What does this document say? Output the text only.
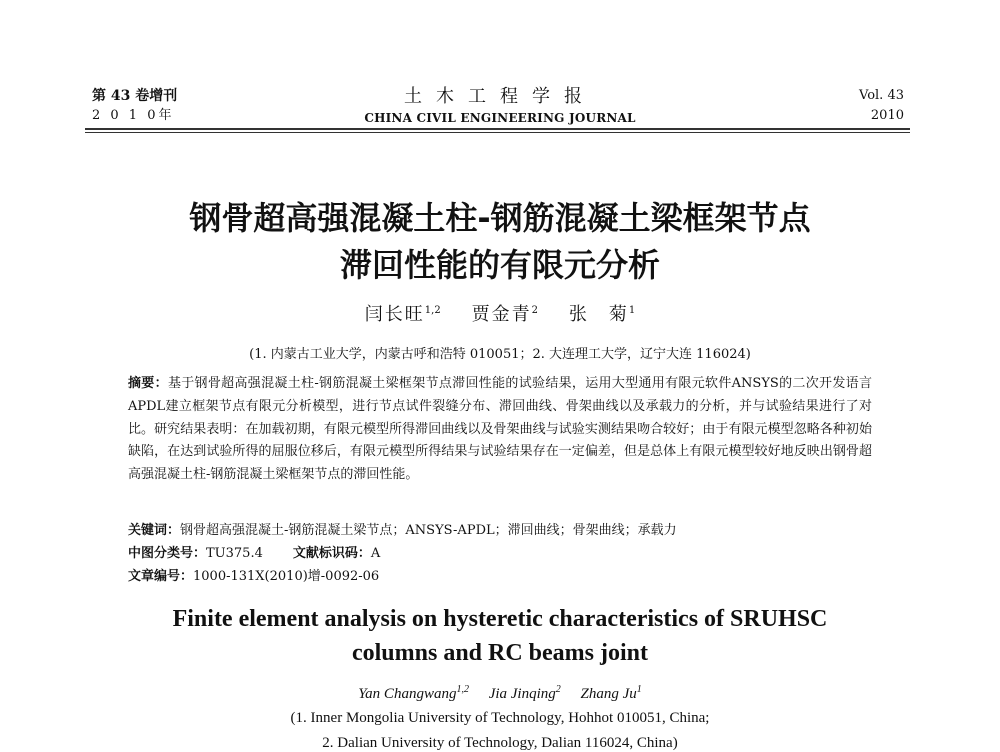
第 43 卷增刊
2 0 1 0年
土木工程学报
CHINA CIVIL ENGINEERING JOURNAL
Vol. 43
2010
钢骨超高强混凝土柱-钢筋混凝土梁框架节点
滞回性能的有限元分析
闫长旺$^{1,2}$ 贾金青$^2$ 张　菊$^1$
(1. 内蒙古工业大学，内蒙古呼和浩特 010051；2. 大连理工大学，辽宁大连 116024)
摘要：基于钢骨超高强混凝土柱-钢筋混凝土梁框架节点滞回性能的试验结果，运用大型通用有限元软件ANSYS的二次开发语言APDL建立框架节点有限元分析模型，进行节点试件裂缝分布、滞回曲线、骨架曲线以及承载力的分析，并与试验结果进行了对比。研究结果表明：在加载初期，有限元模型所得滞回曲线以及骨架曲线与试验实测结果吻合较好；由于有限元模型忽略各种初始缺陷，在达到试验所得的屈服位移后，有限元模型所得结果与试验结果存在一定偏差，但是总体上有限元模型较好地反映出钢骨超高强混凝土柱-钢筋混凝土梁框架节点的滞回性能。
关键词：钢骨超高强混凝土-钢筋混凝土梁节点；ANSYS-APDL；滞回曲线；骨架曲线；承载力
中图分类号：TU375.4 文献标识码：A
文章编号：1000-131X(2010)增-0092-06
Finite element analysis on hysteretic characteristics of SRUHSC
columns and RC beams joint
Yan Changwang$^{1,2}$ Jia Jinqing$^2$ Zhang Ju$^1$
(1. Inner Mongolia University of Technology, Hohhot 010051, China;
2. Dalian University of Technology, Dalian 116024, China)
